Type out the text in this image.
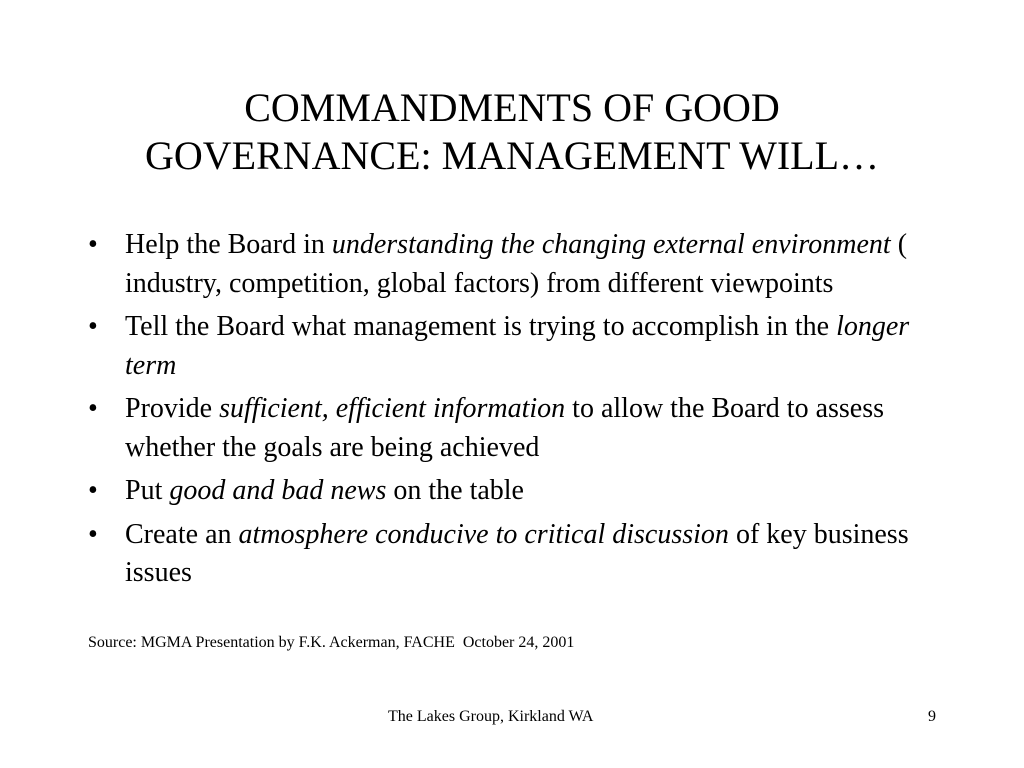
COMMANDMENTS OF GOOD
GOVERNANCE: MANAGEMENT WILL…
• Help the Board in understanding the changing external environment ( industry, competition, global factors) from different viewpoints
• Tell the Board what management is trying to accomplish in the longer term
• Provide sufficient, efficient information to allow the Board to assess whether the goals are being achieved
• Put good and bad news on the table
• Create an atmosphere conducive to critical discussion of key business issues
Source: MGMA Presentation by F.K. Ackerman, FACHE  October 24, 2001
The Lakes Group, Kirkland WA	9
